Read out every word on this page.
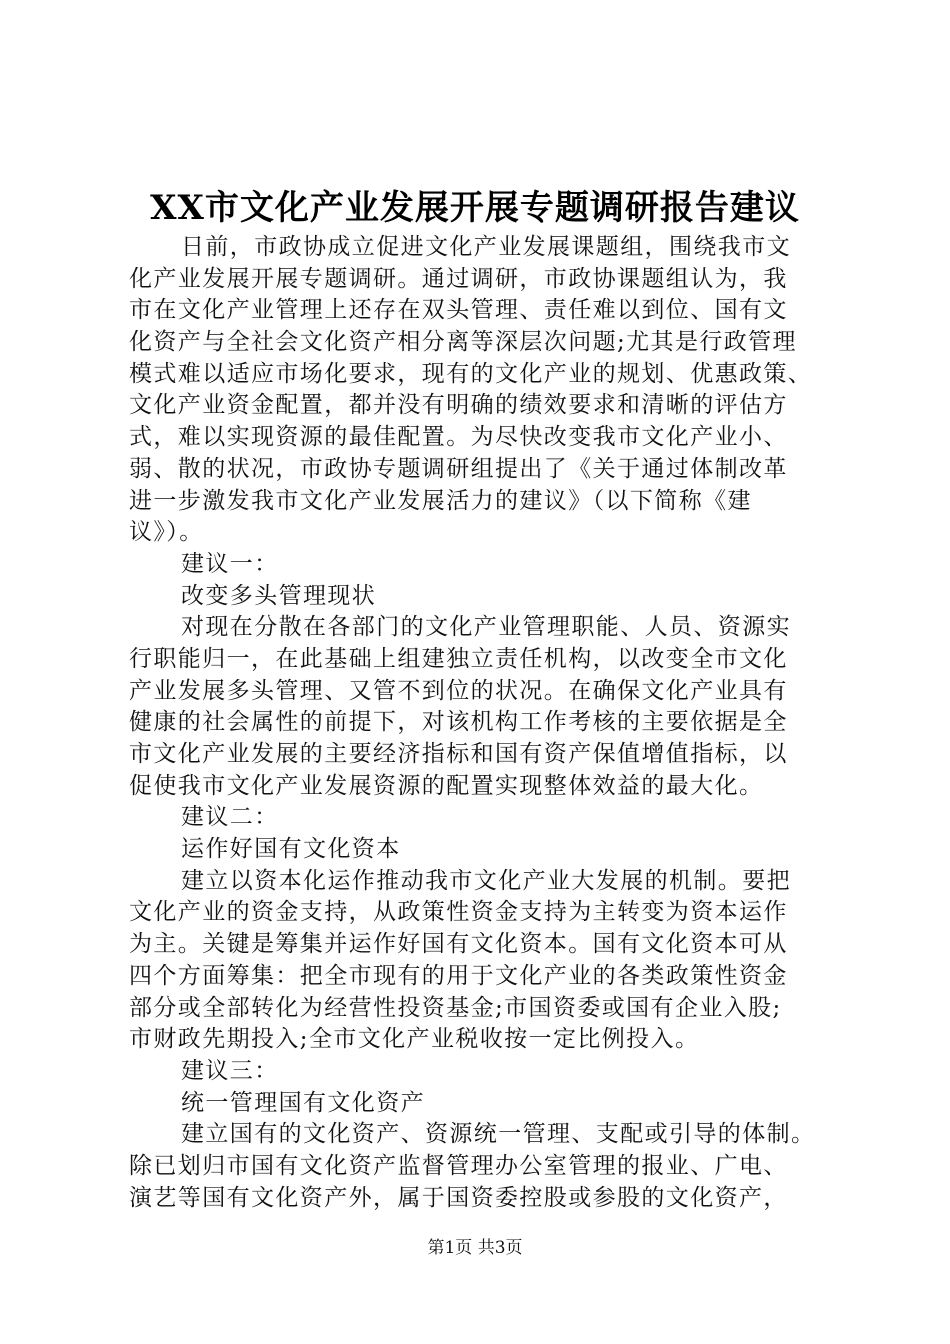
XX市文化产业发展开展专题调研报告建议
日前，市政协成立促进文化产业发展课题组，围绕我市文
化产业发展开展专题调研。通过调研，市政协课题组认为，我
市在文化产业管理上还存在双头管理、责任难以到位、国有文
化资产与全社会文化资产相分离等深层次问题;尤其是行政管理
模式难以适应市场化要求，现有的文化产业的规划、优惠政策、
文化产业资金配置，都并没有明确的绩效要求和清晰的评估方
式，难以实现资源的最佳配置。为尽快改变我市文化产业小、
弱、散的状况，市政协专题调研组提出了《关于通过体制改革
进一步激发我市文化产业发展活力的建议》（以下简称《建
议》）。
建议一：
改变多头管理现状
对现在分散在各部门的文化产业管理职能、人员、资源实
行职能归一，在此基础上组建独立责任机构，以改变全市文化
产业发展多头管理、又管不到位的状况。在确保文化产业具有
健康的社会属性的前提下，对该机构工作考核的主要依据是全
市文化产业发展的主要经济指标和国有资产保值增值指标，以
促使我市文化产业发展资源的配置实现整体效益的最大化。
建议二：
运作好国有文化资本
建立以资本化运作推动我市文化产业大发展的机制。要把
文化产业的资金支持，从政策性资金支持为主转变为资本运作
为主。关键是筹集并运作好国有文化资本。国有文化资本可从
四个方面筹集：把全市现有的用于文化产业的各类政策性资金
部分或全部转化为经营性投资基金;市国资委或国有企业入股;
市财政先期投入;全市文化产业税收按一定比例投入。
建议三：
统一管理国有文化资产
建立国有的文化资产、资源统一管理、支配或引导的体制。
除已划归市国有文化资产监督管理办公室管理的报业、广电、
演艺等国有文化资产外，属于国资委控股或参股的文化资产，
第1页 共3页
